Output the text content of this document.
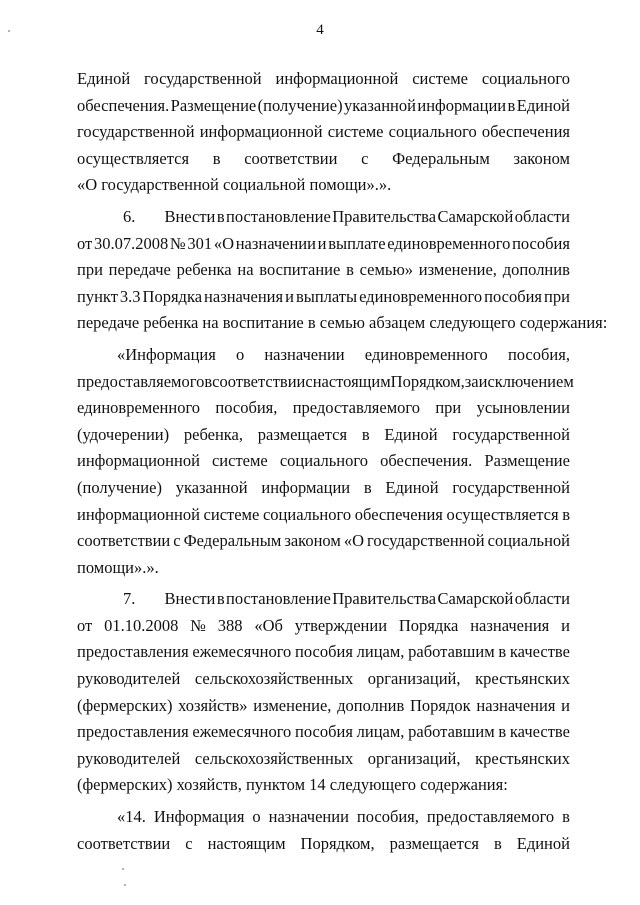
4
Единой государственной информационной системе социального
обеспечения. Размещение (получение) указанной информации в Единой
государственной информационной системе социального обеспечения
осуществляется в соответствии с Федеральным законом
«О государственной социальной помощи».».
6.	Внести в постановление Правительства Самарской области
от 30.07.2008 № 301 «О назначении и выплате единовременного пособия
при передаче ребенка на воспитание в семью» изменение, дополнив
пункт 3.3 Порядка назначения и выплаты единовременного пособия при
передаче ребенка на воспитание в семью абзацем следующего содержания:
«Информация о назначении единовременного пособия,
предоставляемого в соответствии с настоящим Порядком, за исключением
единовременного пособия, предоставляемого при усыновлении
(удочерении) ребенка, размещается в Единой государственной
информационной системе социального обеспечения. Размещение
(получение) указанной информации в Единой государственной
информационной системе социального обеспечения осуществляется в
соответствии с Федеральным законом «О государственной социальной
помощи».».
7.	Внести в постановление Правительства Самарской области
от 01.10.2008 № 388 «Об утверждении Порядка назначения и
предоставления ежемесячного пособия лицам, работавшим в качестве
руководителей сельскохозяйственных организаций, крестьянских
(фермерских) хозяйств» изменение, дополнив Порядок назначения и
предоставления ежемесячного пособия лицам, работавшим в качестве
руководителей сельскохозяйственных организаций, крестьянских
(фермерских) хозяйств, пунктом 14 следующего содержания:
«14. Информация о назначении пособия, предоставляемого в
соответствии с настоящим Порядком, размещается в Единой
